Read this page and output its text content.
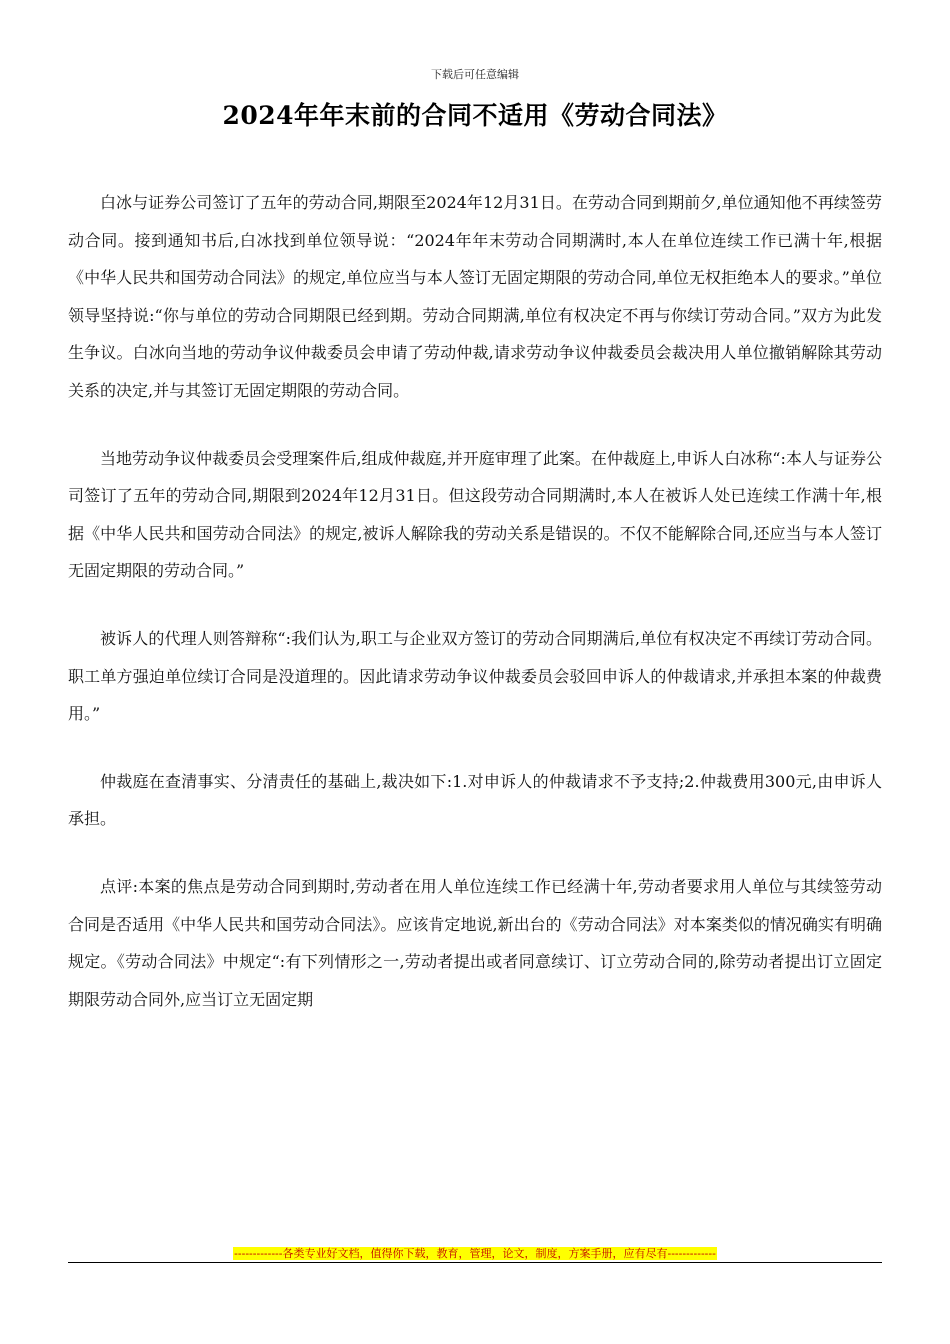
下载后可任意编辑
2024年年末前的合同不适用《劳动合同法》

白冰与证券公司签订了五年的劳动合同,期限至2024年12月31日。在劳动合同到期前夕,单位通知他不再续签劳动合同。接到通知书后,白冰找到单位领导说：“2024年年末劳动合同期满时,本人在单位连续工作已满十年,根据《中华人民共和国劳动合同法》的规定,单位应当与本人签订无固定期限的劳动合同,单位无权拒绝本人的要求。”单位领导坚持说:“你与单位的劳动合同期限已经到期。劳动合同期满,单位有权决定不再与你续订劳动合同。”双方为此发生争议。白冰向当地的劳动争议仲裁委员会申请了劳动仲裁,请求劳动争议仲裁委员会裁决用人单位撤销解除其劳动关系的决定,并与其签订无固定期限的劳动合同。

当地劳动争议仲裁委员会受理案件后,组成仲裁庭,并开庭审理了此案。在仲裁庭上,申诉人白冰称“:本人与证券公司签订了五年的劳动合同,期限到2024年12月31日。但这段劳动合同期满时,本人在被诉人处已连续工作满十年,根据《中华人民共和国劳动合同法》的规定,被诉人解除我的劳动关系是错误的。不仅不能解除合同,还应当与本人签订无固定期限的劳动合同。”

被诉人的代理人则答辩称“:我们认为,职工与企业双方签订的劳动合同期满后,单位有权决定不再续订劳动合同。职工单方强迫单位续订合同是没道理的。因此请求劳动争议仲裁委员会驳回申诉人的仲裁请求,并承担本案的仲裁费用。”

仲裁庭在查清事实、分清责任的基础上,裁决如下:1.对申诉人的仲裁请求不予支持;2.仲裁费用300元,由申诉人承担。

点评:本案的焦点是劳动合同到期时,劳动者在用人单位连续工作已经满十年,劳动者要求用人单位与其续签劳动合同是否适用《中华人民共和国劳动合同法》。应该肯定地说,新出台的《劳动合同法》对本案类似的情况确实有明确规定。《劳动合同法》中规定“:有下列情形之一,劳动者提出或者同意续订、订立劳动合同的,除劳动者提出订立固定期限劳动合同外,应当订立无固定期

-------------各类专业好文档，值得你下载，教育，管理，论文，制度，方案手册，应有尽有-------------
